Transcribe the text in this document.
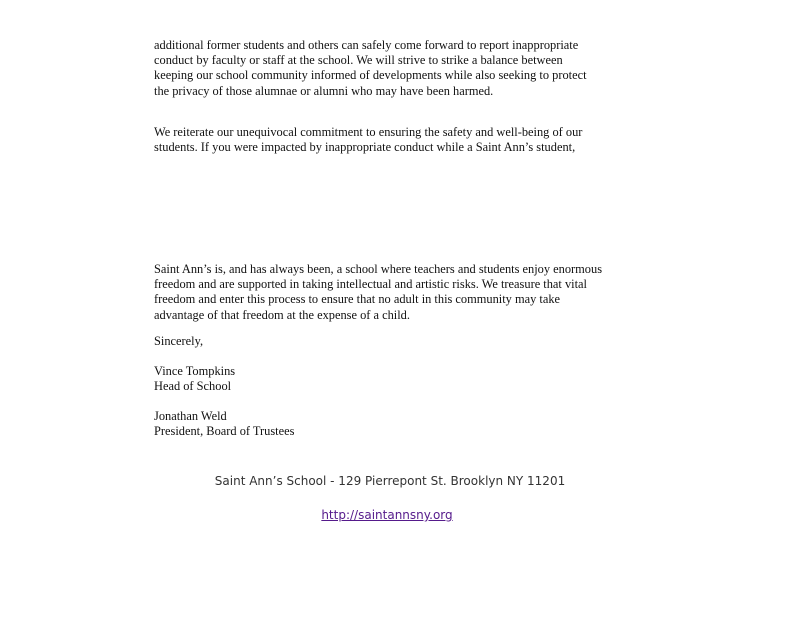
additional former students and others can safely come forward to report inappropriate
conduct by faculty or staff at the school. We will strive to strike a balance between
keeping our school community informed of developments while also seeking to protect
the privacy of those alumnae or alumni who may have been harmed.

We reiterate our unequivocal commitment to ensuring the safety and well-being of our
students. If you were impacted by inappropriate conduct while a Saint Ann’s student,

Saint Ann’s is, and has always been, a school where teachers and students enjoy enormous
freedom and are supported in taking intellectual and artistic risks. We treasure that vital
freedom and enter this process to ensure that no adult in this community may take
advantage of that freedom at the expense of a child.

Sincerely,

Vince Tompkins

Head of School

Jonathan Weld

President, Board of Trustees

Saint Ann’s School - 129 Pierrepont St. Brooklyn NY 11201
http://saintannsny.org
